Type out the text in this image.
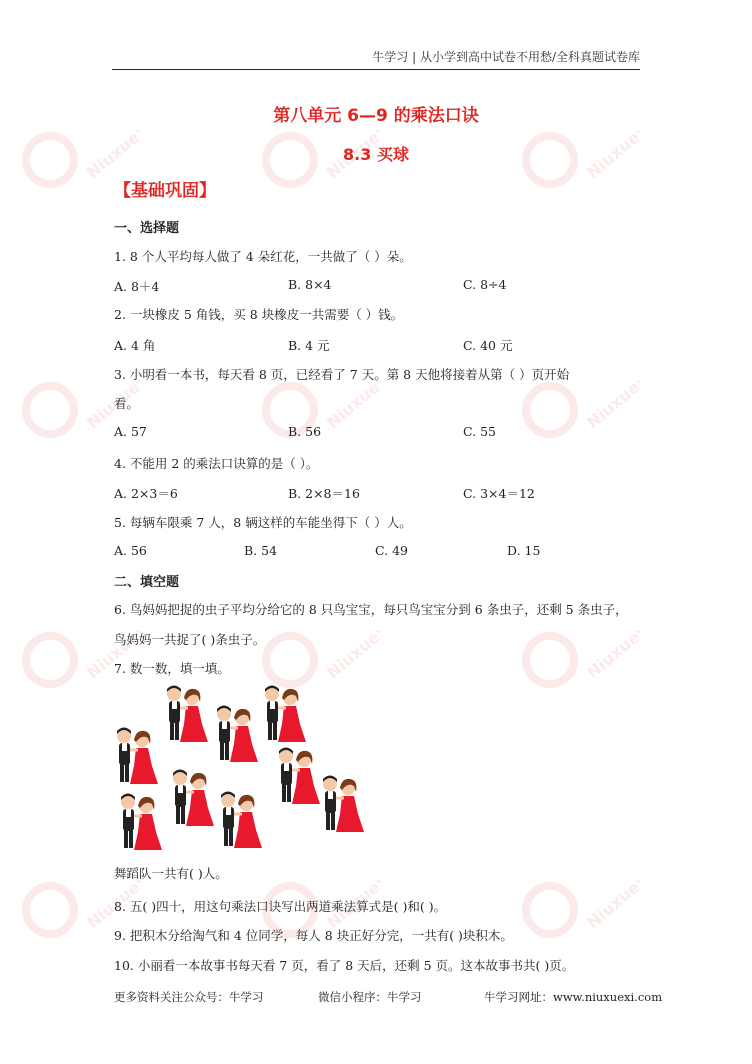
Niuxuexi.com	Niuxuexi.com	Niuxuexi.com
Niuxuexi.com	Niuxuexi.com	Niuxuexi.com
Niuxuexi.com	Niuxuexi.com	Niuxuexi.com
Niuxuexi.com	Niuxuexi.com	Niuxuexi.com
牛学习 | 从小学到高中试卷不用愁/全科真题试卷库
第八单元 6—9 的乘法口诀
8.3 买球
【基础巩固】
一、选择题
1. 8 个人平均每人做了 4 朵红花，一共做了（ ）朵。
A. 8＋4	B. 8×4	C. 8÷4
2. 一块橡皮 5 角钱，买 8 块橡皮一共需要（ ）钱。
A. 4 角	B. 4 元	C. 40 元
3. 小明看一本书，每天看 8 页，已经看了 7 天。第 8 天他将接着从第（ ）页开始
看。
A. 57	B. 56	C. 55
4. 不能用 2 的乘法口诀算的是（ ）。
A. 2×3＝6	B. 2×8＝16	C. 3×4＝12
5. 每辆车限乘 7 人，8 辆这样的车能坐得下（ ）人。
A. 56	B. 54	C. 49	D. 15
二、填空题
6. 鸟妈妈把捉的虫子平均分给它的 8 只鸟宝宝，每只鸟宝宝分到 6 条虫子，还剩 5 条虫子，
鸟妈妈一共捉了( )条虫子。
7. 数一数，填一填。
舞蹈队一共有( )人。
8. 五( )四十，用这句乘法口诀写出两道乘法算式是( )和( )。
9. 把积木分给淘气和 4 位同学，每人 8 块正好分完，一共有( )块积木。
10. 小丽看一本故事书每天看 7 页，看了 8 天后，还剩 5 页。这本故事书共( )页。
更多资料关注公众号：牛学习	微信小程序：牛学习	牛学习网址：www.niuxuexi.com
